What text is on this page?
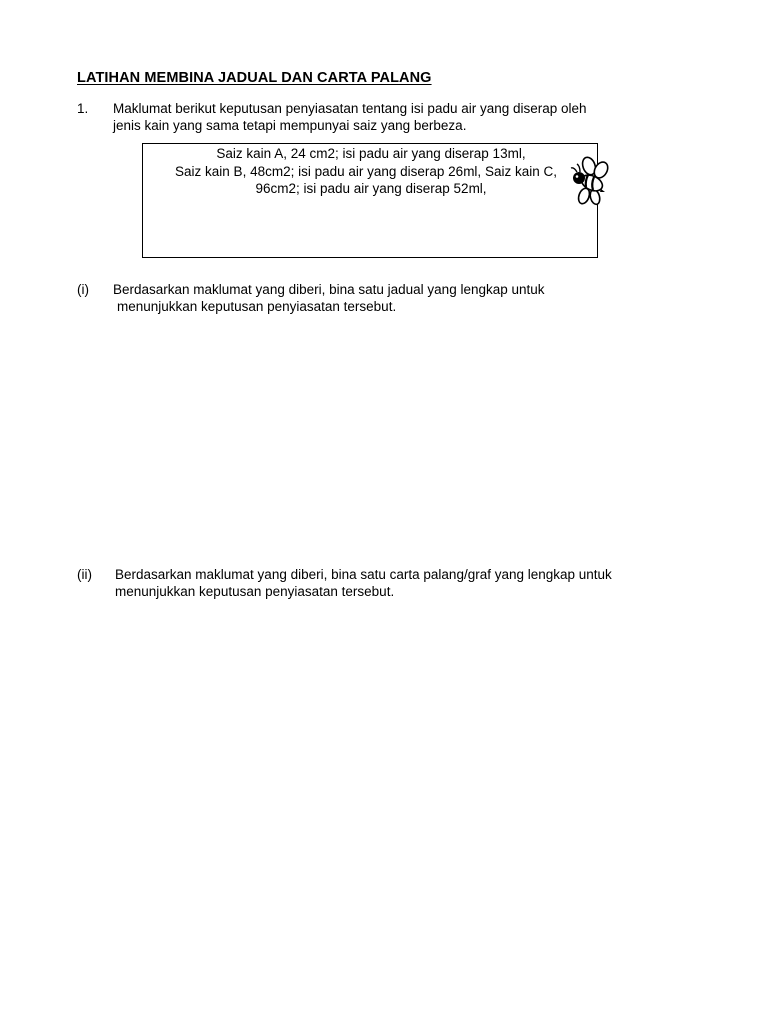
LATIHAN MEMBINA JADUAL DAN CARTA PALANG
1. Maklumat berikut keputusan penyiasatan tentang isi padu air yang diserap oleh
jenis kain yang sama tetapi mempunyai saiz yang berbeza.
Saiz kain A, 24 cm2; isi padu air yang diserap 13ml,
Saiz kain B, 48cm2; isi padu air yang diserap 26ml, Saiz kain C,
96cm2; isi padu air yang diserap 52ml,
(i) Berdasarkan maklumat yang diberi, bina satu jadual yang lengkap untuk
menunjukkan keputusan penyiasatan tersebut.
(ii) Berdasarkan maklumat yang diberi, bina satu carta palang/graf yang lengkap untuk
menunjukkan keputusan penyiasatan tersebut.
